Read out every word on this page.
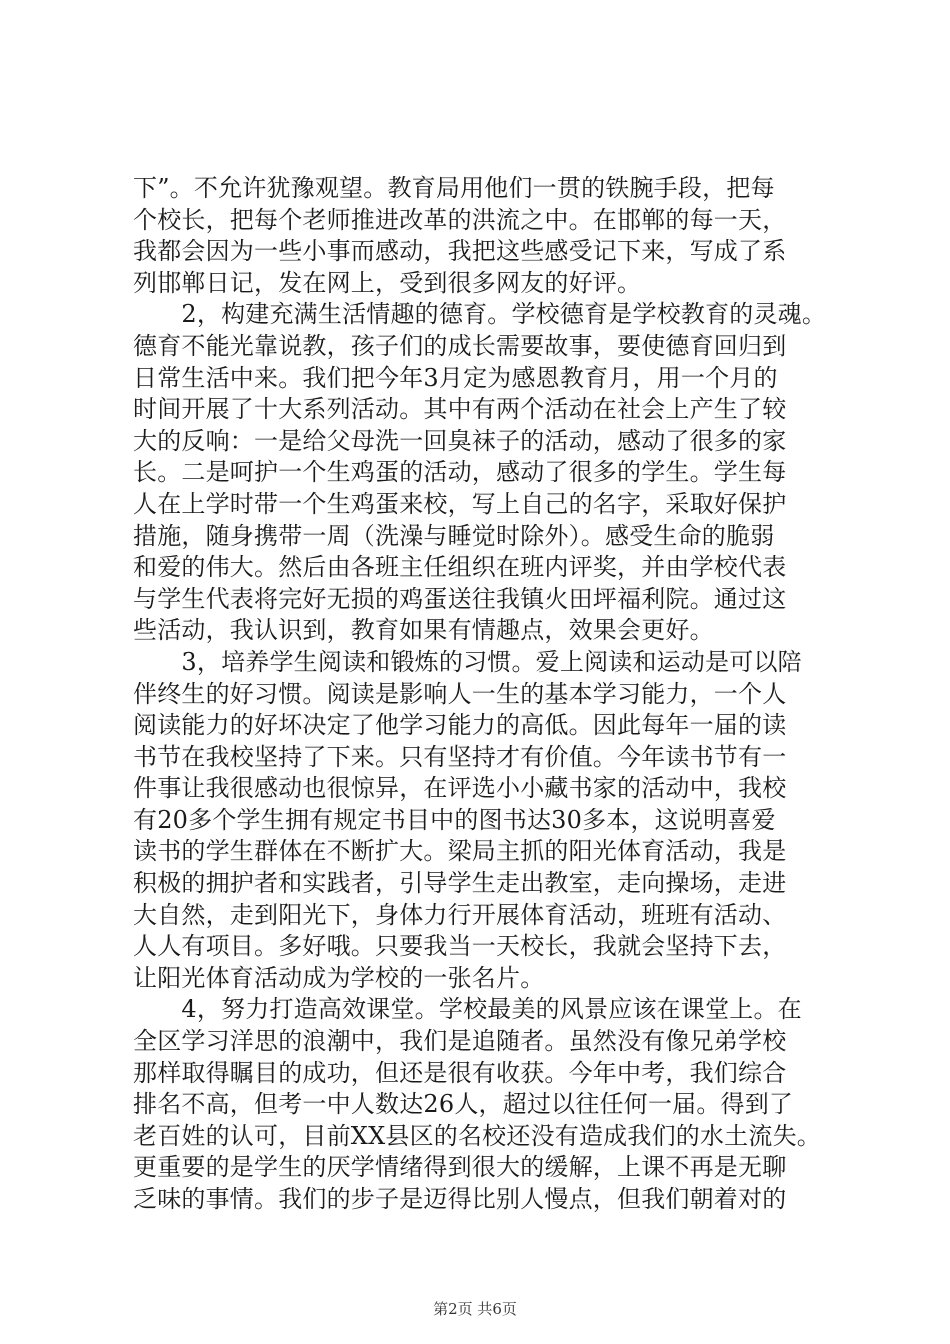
下”。不允许犹豫观望。教育局用他们一贯的铁腕手段，把每
个校长，把每个老师推进改革的洪流之中。在邯郸的每一天，
我都会因为一些小事而感动，我把这些感受记下来，写成了系
列邯郸日记，发在网上，受到很多网友的好评。
　　2，构建充满生活情趣的德育。学校德育是学校教育的灵魂。
德育不能光靠说教，孩子们的成长需要故事，要使德育回归到
日常生活中来。我们把今年3月定为感恩教育月，用一个月的
时间开展了十大系列活动。其中有两个活动在社会上产生了较
大的反响：一是给父母洗一回臭袜子的活动，感动了很多的家
长。二是呵护一个生鸡蛋的活动，感动了很多的学生。学生每
人在上学时带一个生鸡蛋来校，写上自己的名字，采取好保护
措施，随身携带一周（洗澡与睡觉时除外）。感受生命的脆弱
和爱的伟大。然后由各班主任组织在班内评奖，并由学校代表
与学生代表将完好无损的鸡蛋送往我镇火田坪福利院。通过这
些活动，我认识到，教育如果有情趣点，效果会更好。
　　3，培养学生阅读和锻炼的习惯。爱上阅读和运动是可以陪
伴终生的好习惯。阅读是影响人一生的基本学习能力，一个人
阅读能力的好坏决定了他学习能力的高低。因此每年一届的读
书节在我校坚持了下来。只有坚持才有价值。今年读书节有一
件事让我很感动也很惊异，在评选小小藏书家的活动中，我校
有20多个学生拥有规定书目中的图书达30多本，这说明喜爱
读书的学生群体在不断扩大。梁局主抓的阳光体育活动，我是
积极的拥护者和实践者，引导学生走出教室，走向操场，走进
大自然，走到阳光下，身体力行开展体育活动，班班有活动、
人人有项目。多好哦。只要我当一天校长，我就会坚持下去，
让阳光体育活动成为学校的一张名片。
　　4，努力打造高效课堂。学校最美的风景应该在课堂上。在
全区学习洋思的浪潮中，我们是追随者。虽然没有像兄弟学校
那样取得瞩目的成功，但还是很有收获。今年中考，我们综合
排名不高，但考一中人数达26人，超过以往任何一届。得到了
老百姓的认可，目前XX县区的名校还没有造成我们的水土流失。
更重要的是学生的厌学情绪得到很大的缓解，上课不再是无聊
乏味的事情。我们的步子是迈得比别人慢点，但我们朝着对的
第2页 共6页
